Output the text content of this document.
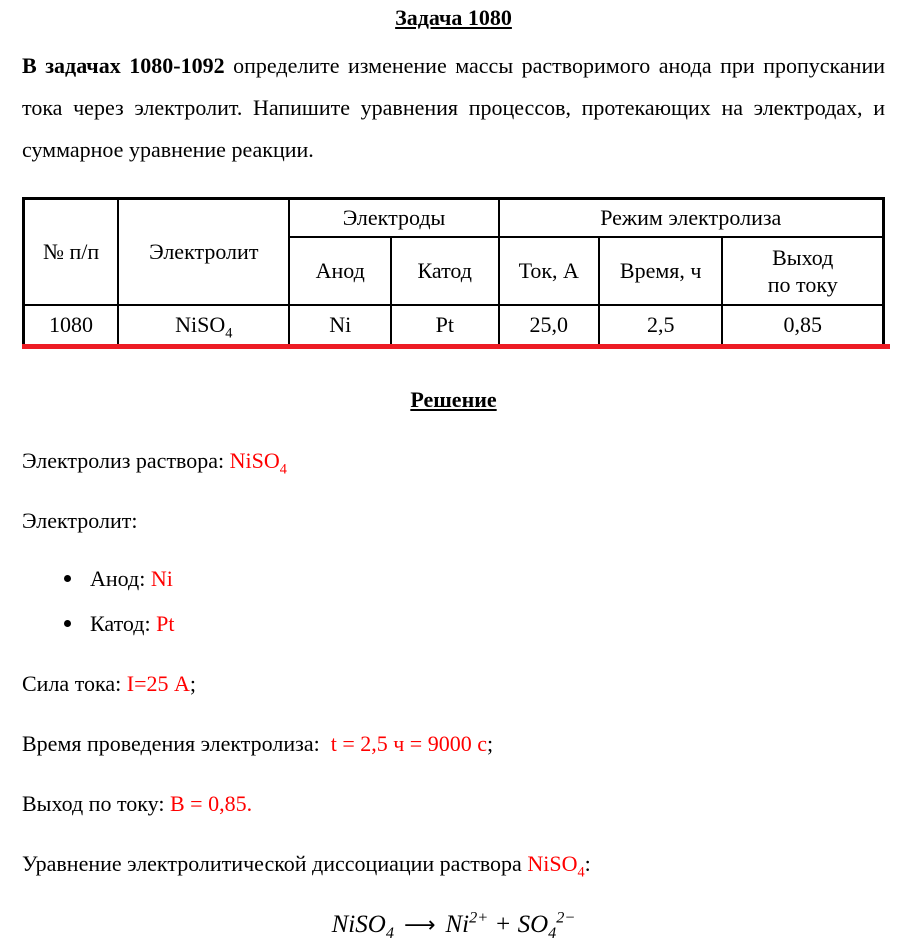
Задача 1080

В задачах 1080-1092 определите изменение массы растворимого анода при пропускании тока через электролит. Напишите уравнения процессов, протекающих на электродах, и суммарное уравнение реакции.

№ п/п	Электролит	Электроды		Режим электролиза		
		Анод	Катод	Ток, А	Время, ч	Выход
по току

1080	NiSO$_4$	Ni	Pt	25,0	2,5	0,85
Решение

Электролиз раствора: NiSO$_4$

Электролит:

Анод: Ni
Катод: Pt

Сила тока: I=25 А;

Время проведения электролиза:  t = 2,5 ч = 9000 с;

Выход по току: В = 0,85.

Уравнение электролитической диссоциации раствора NiSO$_4$:

NiSO$_4$ ⟶ $Ni^{2+} + SO_4^{2-}$
